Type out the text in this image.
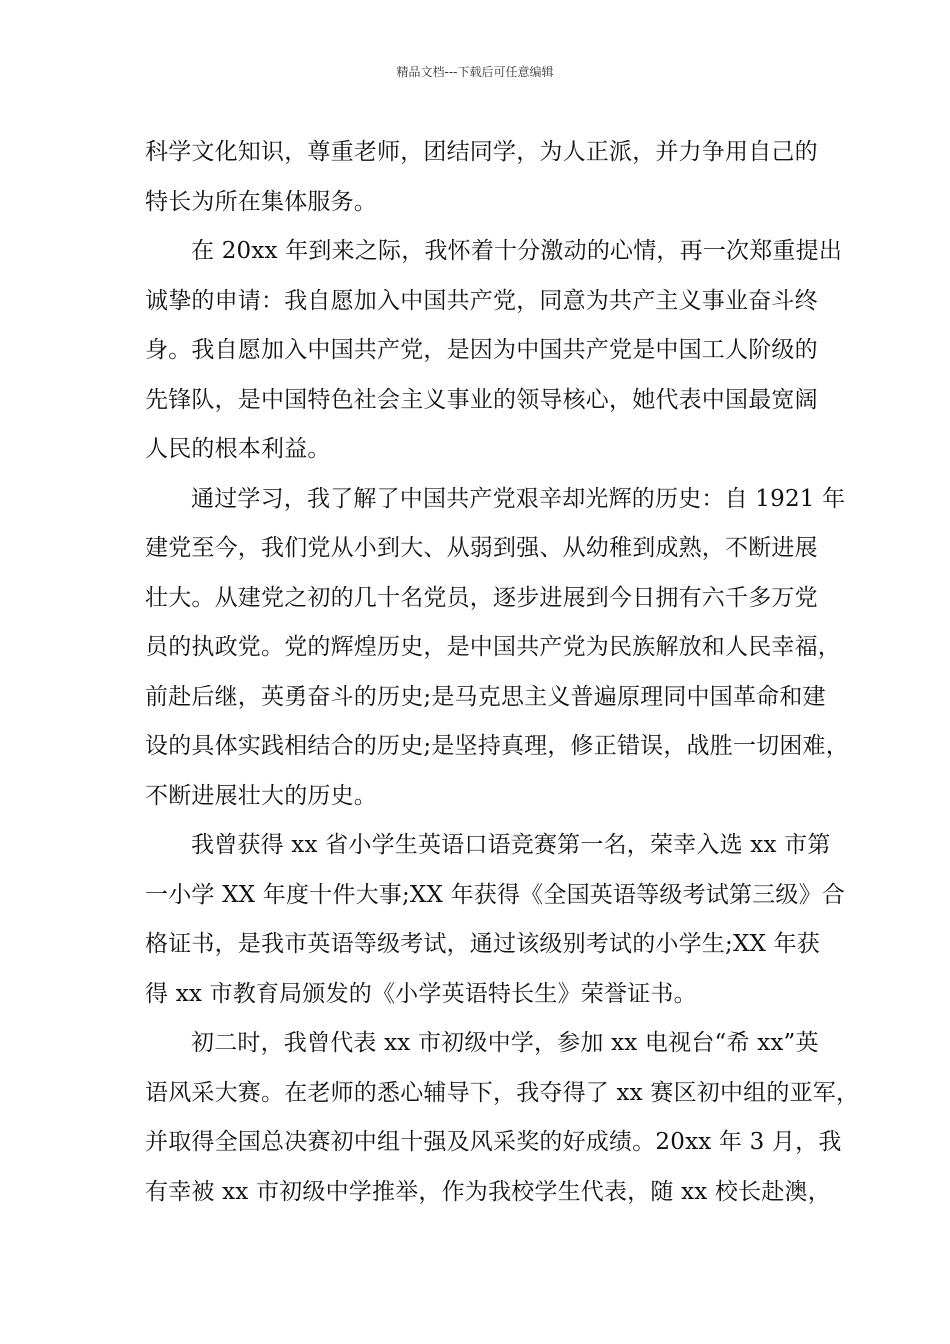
精品文档---下载后可任意编辑
科学文化知识，尊重老师，团结同学，为人正派，并力争用自己的
特长为所在集体服务。
在 20xx 年到来之际，我怀着十分激动的心情，再一次郑重提出
诚挚的申请：我自愿加入中国共产党，同意为共产主义事业奋斗终
身。我自愿加入中国共产党，是因为中国共产党是中国工人阶级的
先锋队，是中国特色社会主义事业的领导核心，她代表中国最宽阔
人民的根本利益。
通过学习，我了解了中国共产党艰辛却光辉的历史：自 1921 年
建党至今，我们党从小到大、从弱到强、从幼稚到成熟，不断进展
壮大。从建党之初的几十名党员，逐步进展到今日拥有六千多万党
员的执政党。党的辉煌历史，是中国共产党为民族解放和人民幸福，
前赴后继，英勇奋斗的历史;是马克思主义普遍原理同中国革命和建
设的具体实践相结合的历史;是坚持真理，修正错误，战胜一切困难，
不断进展壮大的历史。
我曾获得 xx 省小学生英语口语竞赛第一名，荣幸入选 xx 市第
一小学 XX 年度十件大事;XX 年获得《全国英语等级考试第三级》合
格证书，是我市英语等级考试，通过该级别考试的小学生;XX 年获
得 xx 市教育局颁发的《小学英语特长生》荣誉证书。
初二时，我曾代表 xx 市初级中学，参加 xx 电视台“希 xx”英
语风采大赛。在老师的悉心辅导下，我夺得了 xx 赛区初中组的亚军，
并取得全国总决赛初中组十强及风采奖的好成绩。20xx 年 3 月，我
有幸被 xx 市初级中学推举，作为我校学生代表，随 xx 校长赴澳，
